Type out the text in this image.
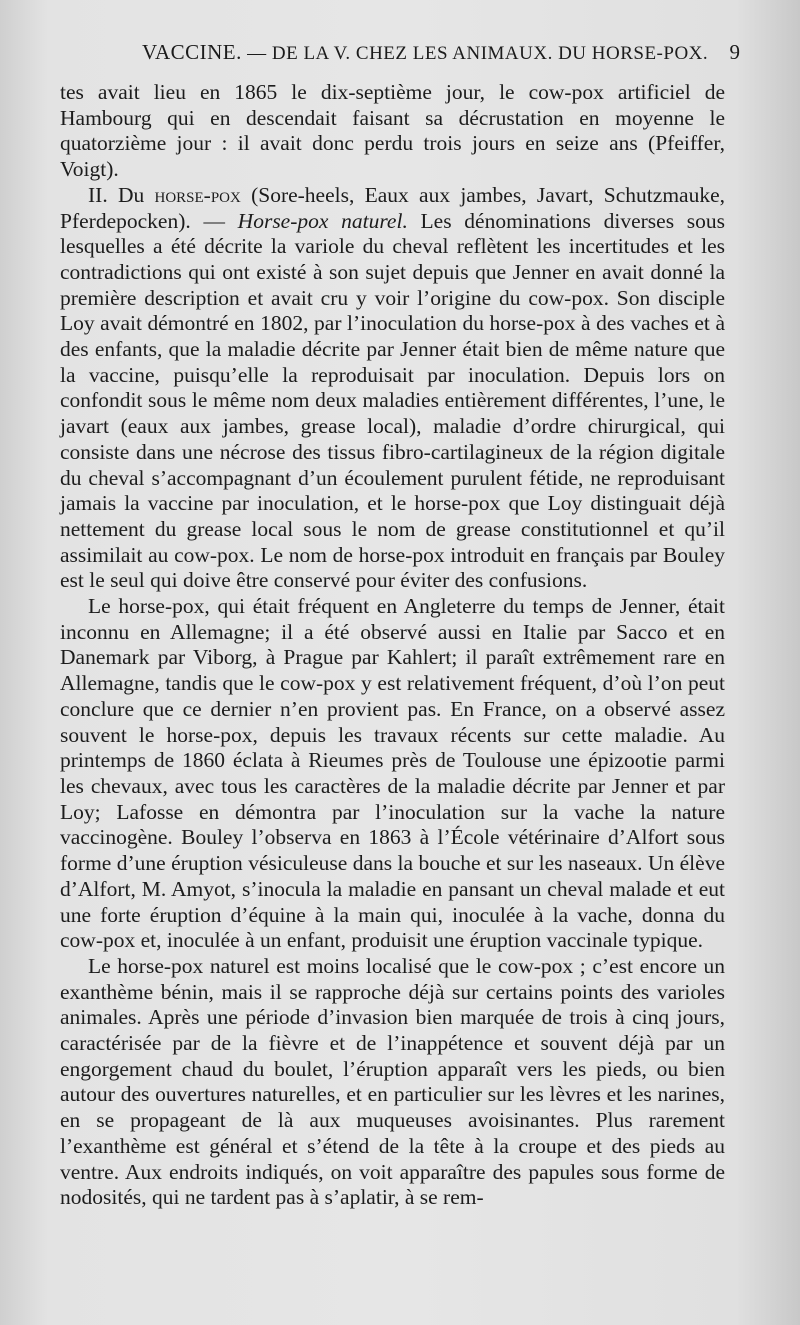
VACCINE. — DE LA V. CHEZ LES ANIMAUX. DU HORSE-POX. 9

tes avait lieu en 1865 le dix-septième jour, le cow-pox artificiel de Hambourg qui en descendait faisant sa décrustation en moyenne le quatorzième jour : il avait donc perdu trois jours en seize ans (Pfeiffer, Voigt).

II. Du horse-pox (Sore-heels, Eaux aux jambes, Javart, Schutzmauke, Pferdepocken). — Horse-pox naturel. Les dénominations diverses sous lesquelles a été décrite la variole du cheval reflètent les incertitudes et les contradictions qui ont existé à son sujet depuis que Jenner en avait donné la première description et avait cru y voir l’origine du cow-pox. Son disciple Loy avait démontré en 1802, par l’inoculation du horse-pox à des vaches et à des enfants, que la maladie décrite par Jenner était bien de même nature que la vaccine, puisqu’elle la reproduisait par inoculation. Depuis lors on confondit sous le même nom deux maladies entièrement différentes, l’une, le javart (eaux aux jambes, grease local), maladie d’ordre chirurgical, qui consiste dans une nécrose des tissus fibro-cartilagineux de la région digitale du cheval s’accompagnant d’un écoulement purulent fétide, ne reproduisant jamais la vaccine par inoculation, et le horse-pox que Loy distinguait déjà nettement du grease local sous le nom de grease constitutionnel et qu’il assimilait au cow-pox. Le nom de horse-pox introduit en français par Bouley est le seul qui doive être conservé pour éviter des confusions.

Le horse-pox, qui était fréquent en Angleterre du temps de Jenner, était inconnu en Allemagne; il a été observé aussi en Italie par Sacco et en Danemark par Viborg, à Prague par Kahlert; il paraît extrêmement rare en Allemagne, tandis que le cow-pox y est relativement fréquent, d’où l’on peut conclure que ce dernier n’en provient pas. En France, on a observé assez souvent le horse-pox, depuis les travaux récents sur cette maladie. Au printemps de 1860 éclata à Rieumes près de Toulouse une épizootie parmi les chevaux, avec tous les caractères de la maladie décrite par Jenner et par Loy; Lafosse en démontra par l’inoculation sur la vache la nature vaccinogène. Bouley l’observa en 1863 à l’École vétérinaire d’Alfort sous forme d’une éruption vésiculeuse dans la bouche et sur les naseaux. Un élève d’Alfort, M. Amyot, s’inocula la maladie en pansant un cheval malade et eut une forte éruption d’équine à la main qui, inoculée à la vache, donna du cow-pox et, inoculée à un enfant, produisit une éruption vaccinale typique.

Le horse-pox naturel est moins localisé que le cow-pox ; c’est encore un exanthème bénin, mais il se rapproche déjà sur certains points des varioles animales. Après une période d’invasion bien marquée de trois à cinq jours, caractérisée par de la fièvre et de l’inappétence et souvent déjà par un engorgement chaud du boulet, l’éruption apparaît vers les pieds, ou bien autour des ouvertures naturelles, et en particulier sur les lèvres et les narines, en se propageant de là aux muqueuses avoisinantes. Plus rarement l’exanthème est général et s’étend de la tête à la croupe et des pieds au ventre. Aux endroits indiqués, on voit apparaître des papules sous forme de nodosités, qui ne tardent pas à s’aplatir, à se rem-
